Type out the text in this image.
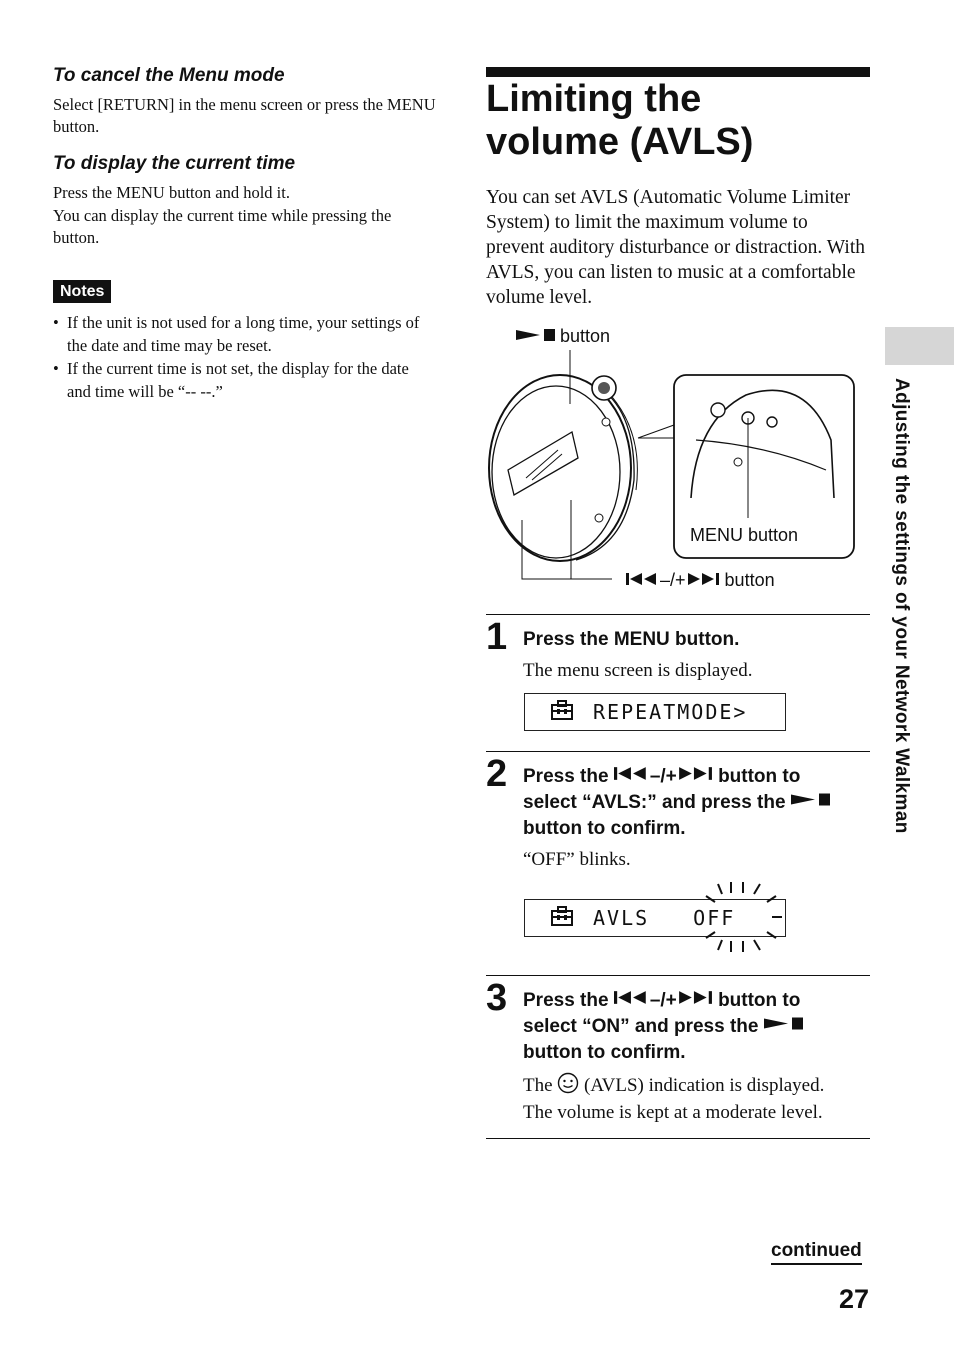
To cancel the Menu mode
Select [RETURN] in the menu screen or press the MENU button.
To display the current time
Press the MENU button and hold it.
You can display the current time while pressing the button.
Notes
• If the unit is not used for a long time, your settings of the date and time may be reset.
• If the current time is not set, the display for the date and time will be “-- --.”
Limiting the
volume (AVLS)
You can set AVLS (Automatic Volume Limiter System) to limit the maximum volume to prevent auditory disturbance or distraction. With AVLS, you can listen to music at a comfortable volume level.
button
MENU button
–/+ button
1 Press the MENU button.
The menu screen is displayed.
REPEATMODE>
2 Press the –/+ button to
select “AVLS:” and press the
button to confirm.
“OFF” blinks.
AVLS OFF
3 Press the –/+ button to
select “ON” and press the
button to confirm.
The (AVLS) indication is displayed.
The volume is kept at a moderate level.
Adjusting the settings of your Network Walkman
continued
27
